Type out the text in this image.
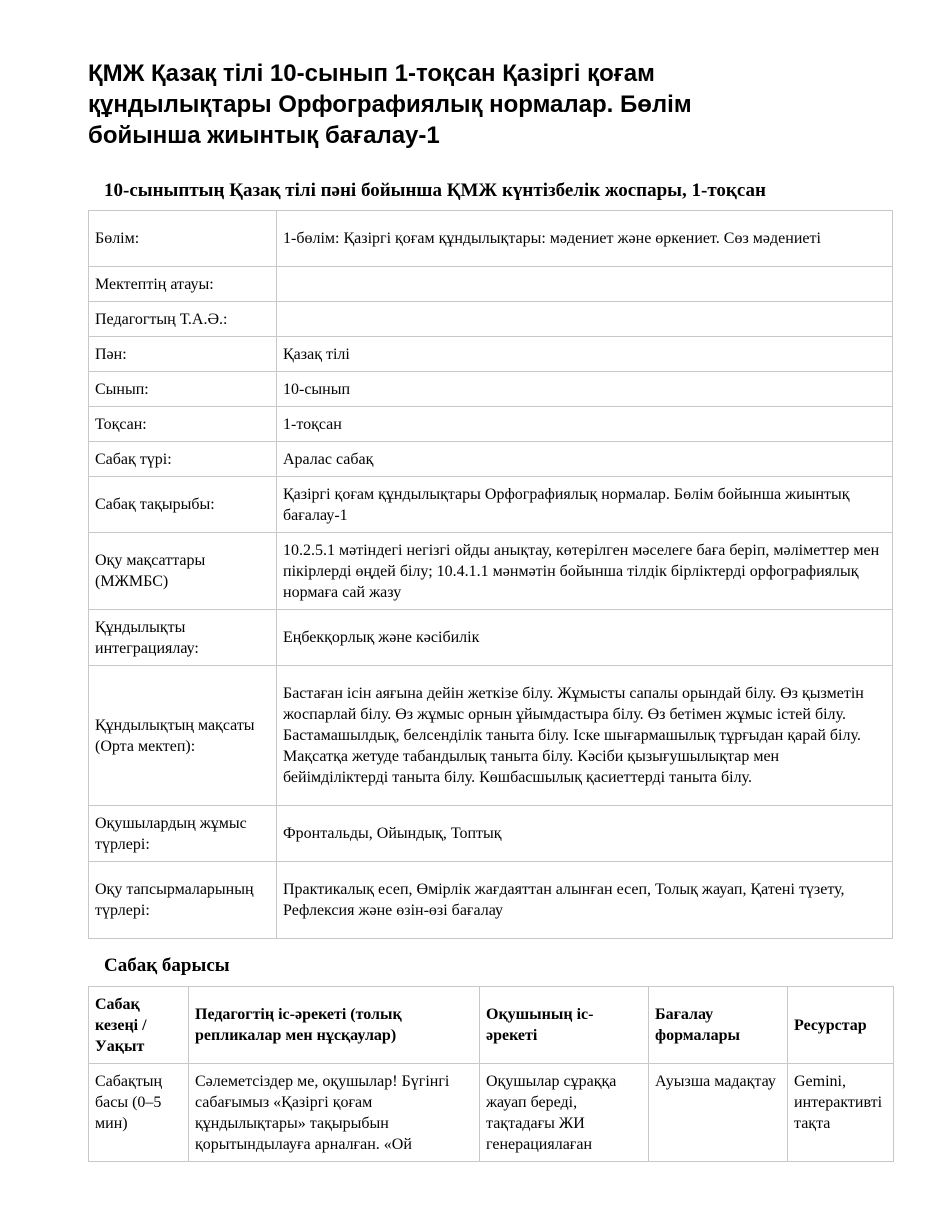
ҚМЖ Қазақ тілі 10-сынып 1-тоқсан Қазіргі қоғам құндылықтары Орфографиялық нормалар. Бөлім бойынша жиынтық бағалау-1
10-сыныптың Қазақ тілі пәні бойынша ҚМЖ күнтізбелік жоспары, 1-тоқсан
Бөлім:	1-бөлім: Қазіргі қоғам құндылықтары: мәдениет және өркениет. Сөз мәдениеті
Мектептің атауы:	
Педагогтың Т.А.Ә.:	
Пән:	Қазақ тілі
Сынып:	10-сынып
Тоқсан:	1-тоқсан
Сабақ түрі:	Аралас сабақ
Сабақ тақырыбы:	Қазіргі қоғам құндылықтары Орфографиялық нормалар. Бөлім бойынша жиынтық бағалау-1
Оқу мақсаттары (МЖМБС)	10.2.5.1 мәтіндегі негізгі ойды анықтау, көтерілген мәселеге баға беріп, мәліметтер мен пікірлерді өңдей білу; 10.4.1.1 мәнмәтін бойынша тілдік бірліктерді орфографиялық нормаға сай жазу
Құндылықты интеграциялау:	Еңбекқорлық және кәсібилік
Құндылықтың мақсаты (Орта мектеп):	Бастаған ісін аяғына дейін жеткізе білу. Жұмысты сапалы орындай білу. Өз қызметін жоспарлай білу. Өз жұмыс орнын ұйымдастыра білу. Өз бетімен жұмыс істей білу. Бастамашылдық, белсенділік таныта білу. Іске шығармашылық тұрғыдан қарай білу. Мақсатқа жетуде табандылық таныта білу. Кәсіби қызығушылықтар мен бейімділіктерді таныта білу. Көшбасшылық қасиеттерді таныта білу.
Оқушылардың жұмыс түрлері:	Фронтальды, Ойындық, Топтық
Оқу тапсырмаларының түрлері:	Практикалық есеп, Өмірлік жағдаяттан алынған есеп, Толық жауап, Қатені түзету, Рефлексия және өзін-өзі бағалау
Сабақ барысы
Сабақ кезеңі / Уақыт	Педагогтің іс-әрекеті (толық репликалар мен нұсқаулар)	Оқушының іс-әрекеті	Бағалау формалары	Ресурстар
Сабақтың басы (0–5 мин)	Сәлеметсіздер ме, оқушылар! Бүгінгі сабағымыз «Қазіргі қоғам құндылықтары» тақырыбын қорытындылауға арналған. «Ой	Оқушылар сұраққа жауап береді, тақтадағы ЖИ генерациялаған	Ауызша мадақтау	Gemini, интерактивті тақта
